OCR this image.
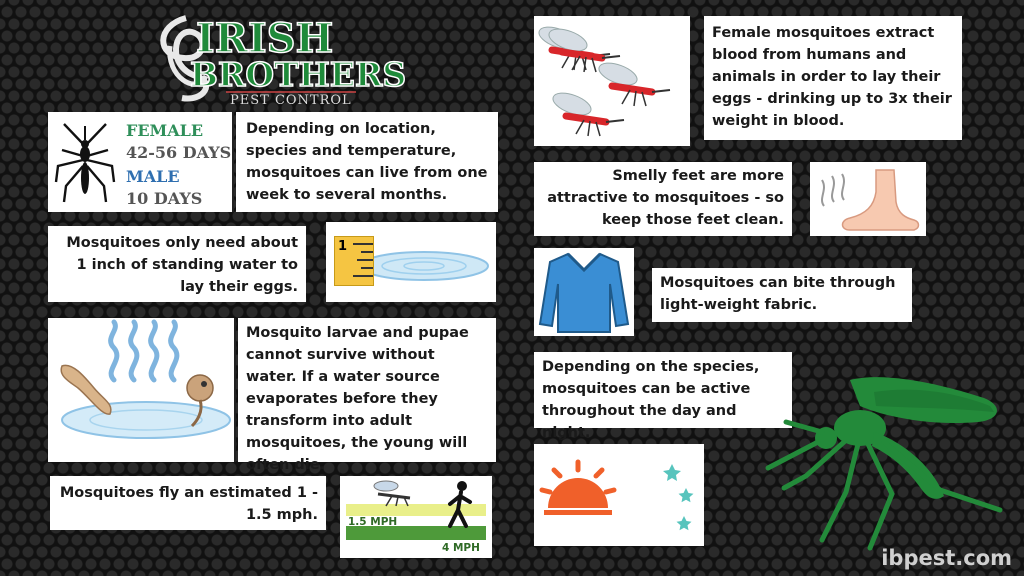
IRISH
BROTHERS
PEST CONTROL
FEMALE
42-56 DAYS
MALE
10 DAYS
Depending on location, species and temperature, mosquitoes can live from one week to several months.
Mosquitoes only need about 1 inch of standing water to lay their eggs.
1
Mosquito larvae and pupae cannot survive without water. If a water source evaporates before they transform into adult mosquitoes, the young will often die.
Mosquitoes fly an estimated 1 - 1.5 mph.	1.5 MPH
4 MPH
Female mosquitoes extract blood from humans and animals in order to lay their eggs - drinking up to 3x their weight in blood.
Smelly feet are more attractive to mosquitoes - so keep those feet clean.
Mosquitoes can bite through light-weight fabric.
Depending on the species, mosquitoes can be active throughout the day and night.
ibpest.com
